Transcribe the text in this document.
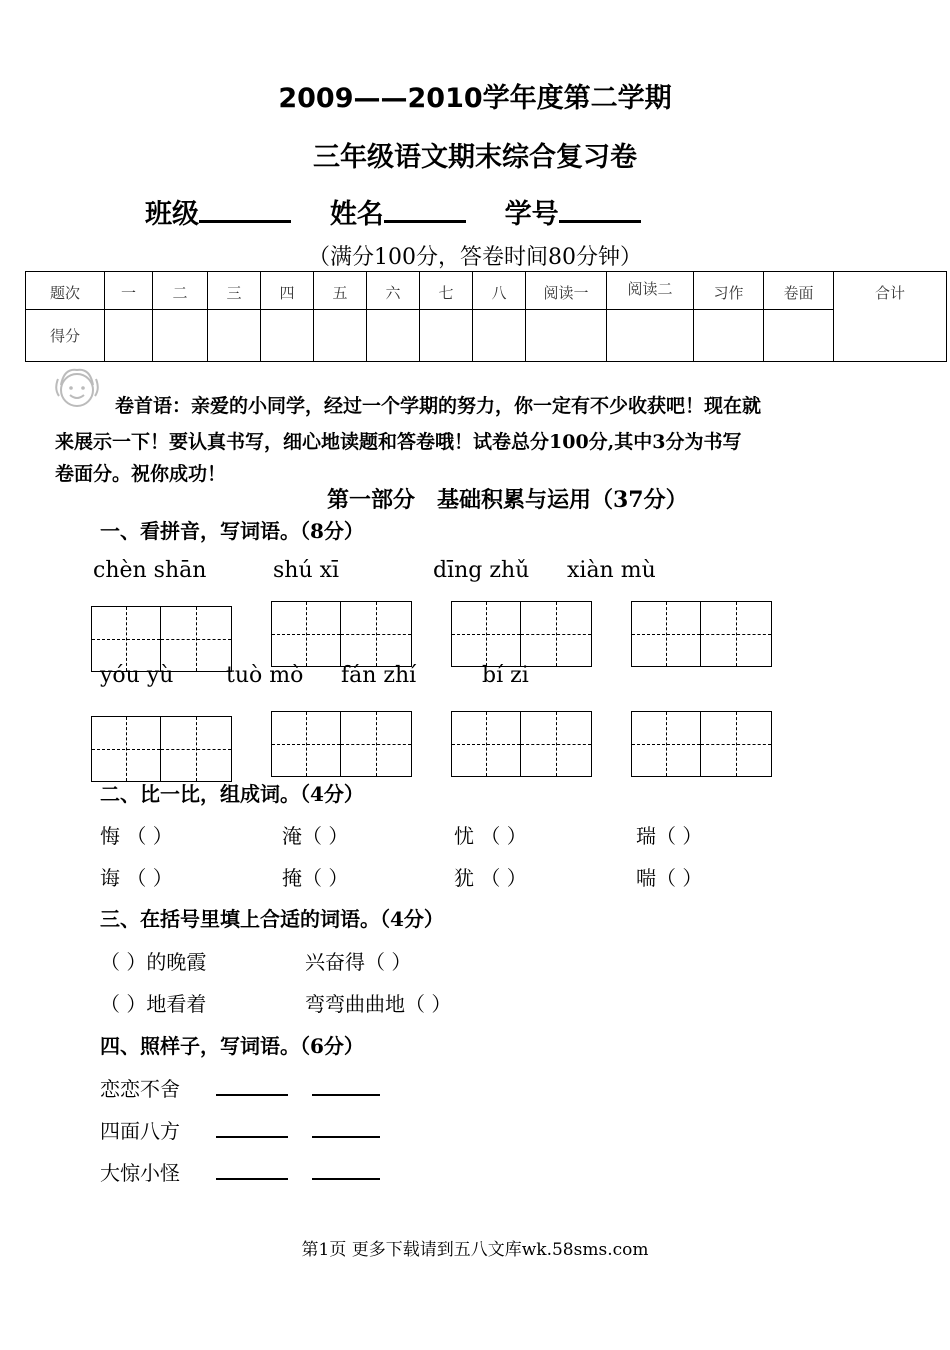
2009——2010学年度第二学期
三年级语文期末综合复习卷
班级	姓名	学号
（满分100分，答卷时间80分钟）
题次	一	二	三	四	五	六	七	八	阅读一	阅读二	习作	卷面	合计
得分													
卷首语：亲爱的小同学，经过一个学期的努力，你一定有不少收获吧！现在就
来展示一下！要认真书写，细心地读题和答卷哦！试卷总分100分,其中3分为书写
卷面分。祝你成功！
第一部分　基础积累与运用（37分）
一、看拼音，写词语。（8分）
chèn shān	shú xī	dīng zhǔ xiàn mù
yóu yù tuò mò fán zhí	bí zi
二、比一比，组成词。（4分）
悔 （ ）	淹（ ）	忧 （ ）	瑞（ ）
诲 （ ）	掩（ ）	犹 （ ）	喘（ ）
三、在括号里填上合适的词语。（4分）
（ ）的晚霞	兴奋得（ ）
（ ）地看着	弯弯曲曲地（ ）
四、照样子，写词语。（6分）
恋恋不舍
四面八方
大惊小怪
第1页 更多下载请到五八文库wk.58sms.com
